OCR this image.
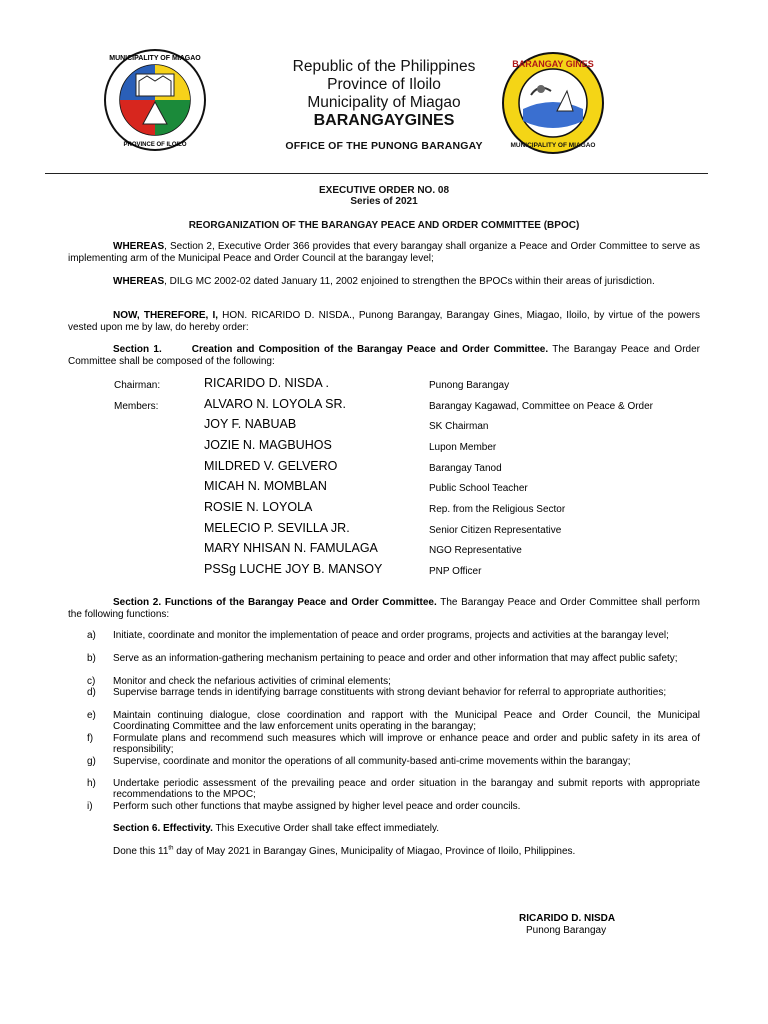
MUNICIPALITY OF MIAGAO
PROVINCE OF ILOILO
BARANGAY GINES
MUNICIPALITY OF MIAGAO
Republic of the Philippines
Province of Iloilo
Municipality of Miagao
BARANGAYGINES
OFFICE OF THE PUNONG BARANGAY
EXECUTIVE ORDER NO. 08
Series of 2021
REORGANIZATION OF THE BARANGAY PEACE AND ORDER COMMITTEE (BPOC)
WHEREAS, Section 2, Executive Order 366 provides that every barangay shall organize a Peace and Order Committee to serve as implementing arm of the Municipal Peace and Order Council at the barangay level;
WHEREAS, DILG MC 2002-02 dated January 11, 2002 enjoined to strengthen the BPOCs within their areas of jurisdiction.
NOW, THEREFORE, I, HON. RICARIDO D. NISDA., Punong Barangay, Barangay Gines, Miagao, Iloilo, by virtue of the powers vested upon me by law, do hereby order:
Section 1.	Creation and Composition of the Barangay Peace and Order Committee. The Barangay Peace and Order Committee shall be composed of the following:
Chairman:	RICARIDO D. NISDA .	Punong Barangay
Members:	ALVARO N. LOYOLA SR.	Barangay Kagawad, Committee on Peace & Order
JOY F. NABUAB	SK Chairman
JOZIE N. MAGBUHOS	Lupon Member
MILDRED V. GELVERO	Barangay Tanod
MICAH N. MOMBLAN	Public School Teacher
ROSIE N. LOYOLA	Rep. from the Religious Sector
MELECIO P. SEVILLA JR.	Senior Citizen Representative
MARY NHISAN N. FAMULAGA	NGO Representative
PSSg LUCHE JOY B. MANSOY	PNP Officer
Section 2. Functions of the Barangay Peace and Order Committee. The Barangay Peace and Order Committee shall perform the following functions:
a) Initiate, coordinate and monitor the implementation of peace and order programs, projects and activities at the barangay level;
b) Serve as an information-gathering mechanism pertaining to peace and order and other information that may affect public safety;
c) Monitor and check the nefarious activities of criminal elements;
d) Supervise barrage tends in identifying barrage constituents with strong deviant behavior for referral to appropriate authorities;
e) Maintain continuing dialogue, close coordination and rapport with the Municipal Peace and Order Council, the Municipal Coordinating Committee and the law enforcement units operating in the barangay;
f) Formulate plans and recommend such measures which will improve or enhance peace and order and public safety in its area of responsibility;
g) Supervise, coordinate and monitor the operations of all community-based anti-crime movements within the barangay;
h) Undertake periodic assessment of the prevailing peace and order situation in the barangay and submit reports with appropriate recommendations to the MPOC;
i) Perform such other functions that maybe assigned by higher level peace and order councils.
Section 6. Effectivity. This Executive Order shall take effect immediately.
Done this 11th day of May 2021 in Barangay Gines, Municipality of Miagao, Province of Iloilo, Philippines.
RICARIDO D. NISDA
Punong Barangay
